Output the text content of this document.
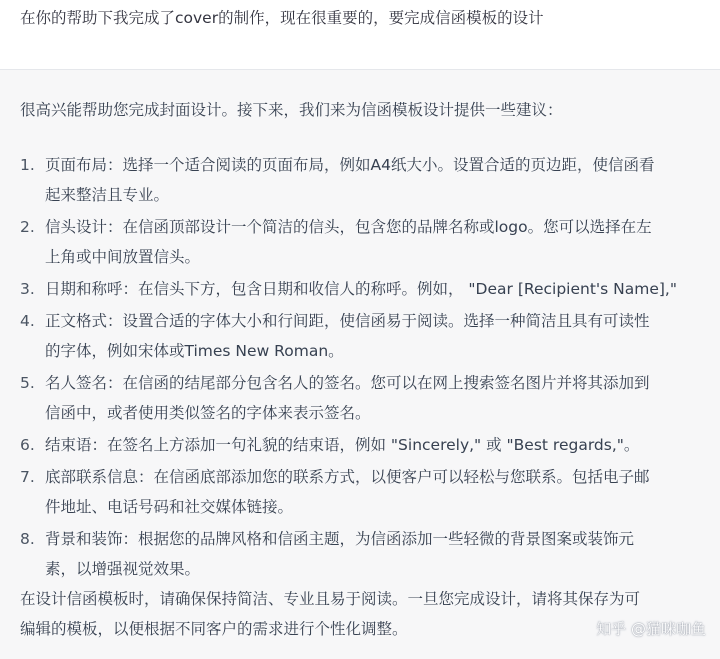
在你的帮助下我完成了cover的制作，现在很重要的，要完成信函模板的设计
很高兴能帮助您完成封面设计。接下来，我们来为信函模板设计提供一些建议：
1. 页面布局：选择一个适合阅读的页面布局，例如A4纸大小。设置合适的页边距，使信函看
起来整洁且专业。
2. 信头设计：在信函顶部设计一个简洁的信头，包含您的品牌名称或logo。您可以选择在左
上角或中间放置信头。
3. 日期和称呼：在信头下方，包含日期和收信人的称呼。例如， "Dear [Recipient's Name],"
4. 正文格式：设置合适的字体大小和行间距，使信函易于阅读。选择一种简洁且具有可读性
的字体，例如宋体或Times New Roman。
5. 名人签名：在信函的结尾部分包含名人的签名。您可以在网上搜索签名图片并将其添加到
信函中，或者使用类似签名的字体来表示签名。
6. 结束语：在签名上方添加一句礼貌的结束语，例如 "Sincerely," 或 "Best regards,"。
7. 底部联系信息：在信函底部添加您的联系方式，以便客户可以轻松与您联系。包括电子邮
件地址、电话号码和社交媒体链接。
8. 背景和装饰：根据您的品牌风格和信函主题，为信函添加一些轻微的背景图案或装饰元
素，以增强视觉效果。
在设计信函模板时，请确保保持简洁、专业且易于阅读。一旦您完成设计，请将其保存为可
编辑的模板，以便根据不同客户的需求进行个性化调整。	知乎 @猫咪咖鱼
